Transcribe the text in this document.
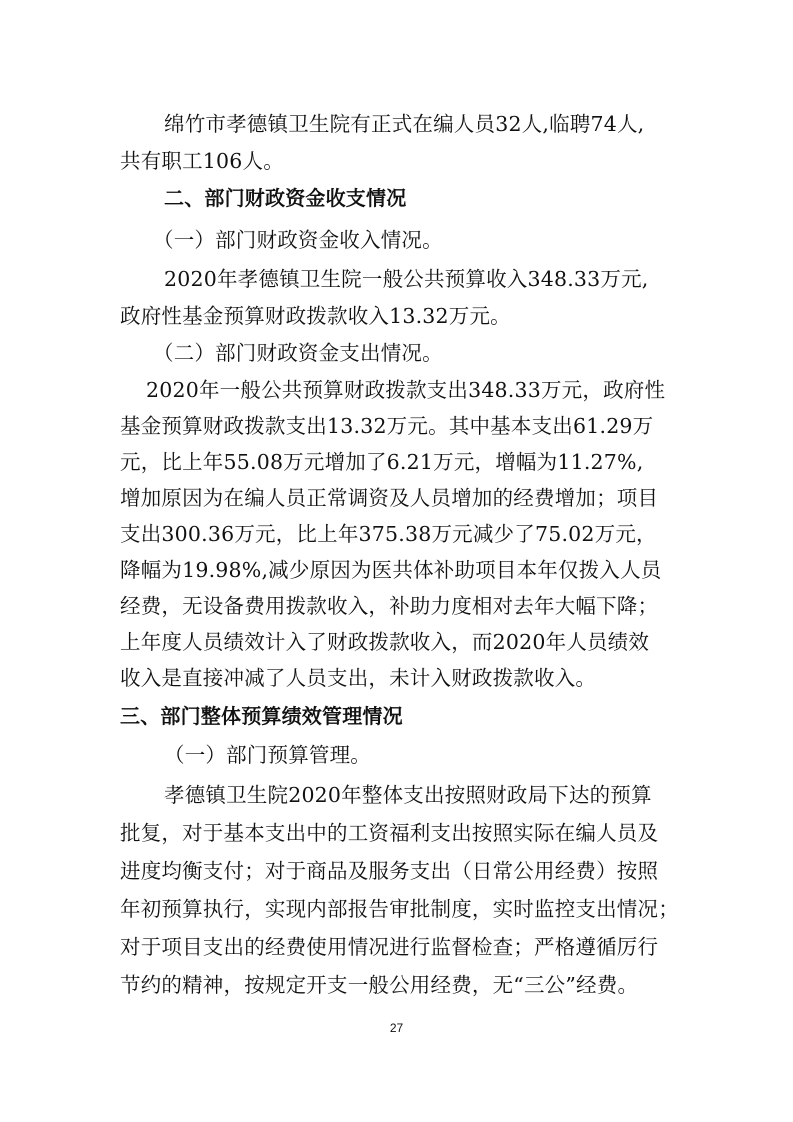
绵竹市孝德镇卫生院有正式在编人员32人,临聘74人,
共有职工106人。
二、部门财政资金收支情况
（一）部门财政资金收入情况。
2020年孝德镇卫生院一般公共预算收入348.33万元,
政府性基金预算财政拨款收入13.32万元。
（二）部门财政资金支出情况。
2020年一般公共预算财政拨款支出348.33万元，政府性
基金预算财政拨款支出13.32万元。其中基本支出61.29万
元，比上年55.08万元增加了6.21万元，增幅为11.27%,
增加原因为在编人员正常调资及人员增加的经费增加；项目
支出300.36万元，比上年375.38万元减少了75.02万元，
降幅为19.98%,减少原因为医共体补助项目本年仅拨入人员
经费，无设备费用拨款收入，补助力度相对去年大幅下降；
上年度人员绩效计入了财政拨款收入，而2020年人员绩效
收入是直接冲减了人员支出，未计入财政拨款收入。
三、部门整体预算绩效管理情况
（一）部门预算管理。
孝德镇卫生院2020年整体支出按照财政局下达的预算
批复，对于基本支出中的工资福利支出按照实际在编人员及
进度均衡支付；对于商品及服务支出（日常公用经费）按照
年初预算执行，实现内部报告审批制度，实时监控支出情况；
对于项目支出的经费使用情况进行监督检查；严格遵循厉行
节约的精神，按规定开支一般公用经费，无“三公”经费。
27
